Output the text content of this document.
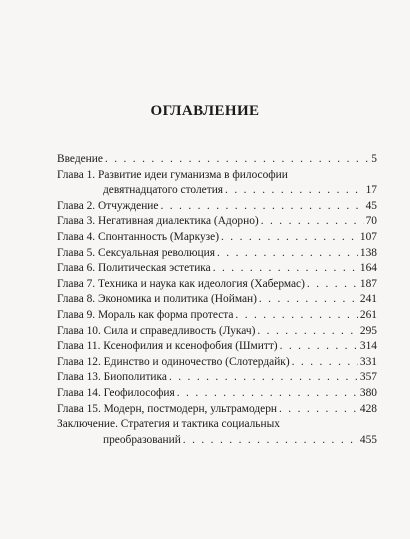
ОГЛАВЛЕНИЕ
Введение . . .	5
Глава 1. Развитие идеи гуманизма в философии
девятнадцатого столетия . . .	17
Глава 2. Отчуждение . . .	45
Глава 3. Негативная диалектика (Адорно) . . .	70
Глава 4. Спонтанность (Маркузе) . . .	107
Глава 5. Сексуальная революция . . .	138
Глава 6. Политическая эстетика . . .	164
Глава 7. Техника и наука как идеология (Хабермас) . . .	187
Глава 8. Экономика и политика (Нойман) . . .	241
Глава 9. Мораль как форма протеста . . .	261
Глава 10. Сила и справедливость (Лукач) . . .	295
Глава 11. Ксенофилия и ксенофобия (Шмитт) . . .	314
Глава 12. Единство и одиночество (Слотердайк) . . .	331
Глава 13. Биополитика . . .	357
Глава 14. Геофилософия . . .	380
Глава 15. Модерн, постмодерн, ультрамодерн . . .	428
Заключение. Стратегия и тактика социальных
преобразований . . .	455
